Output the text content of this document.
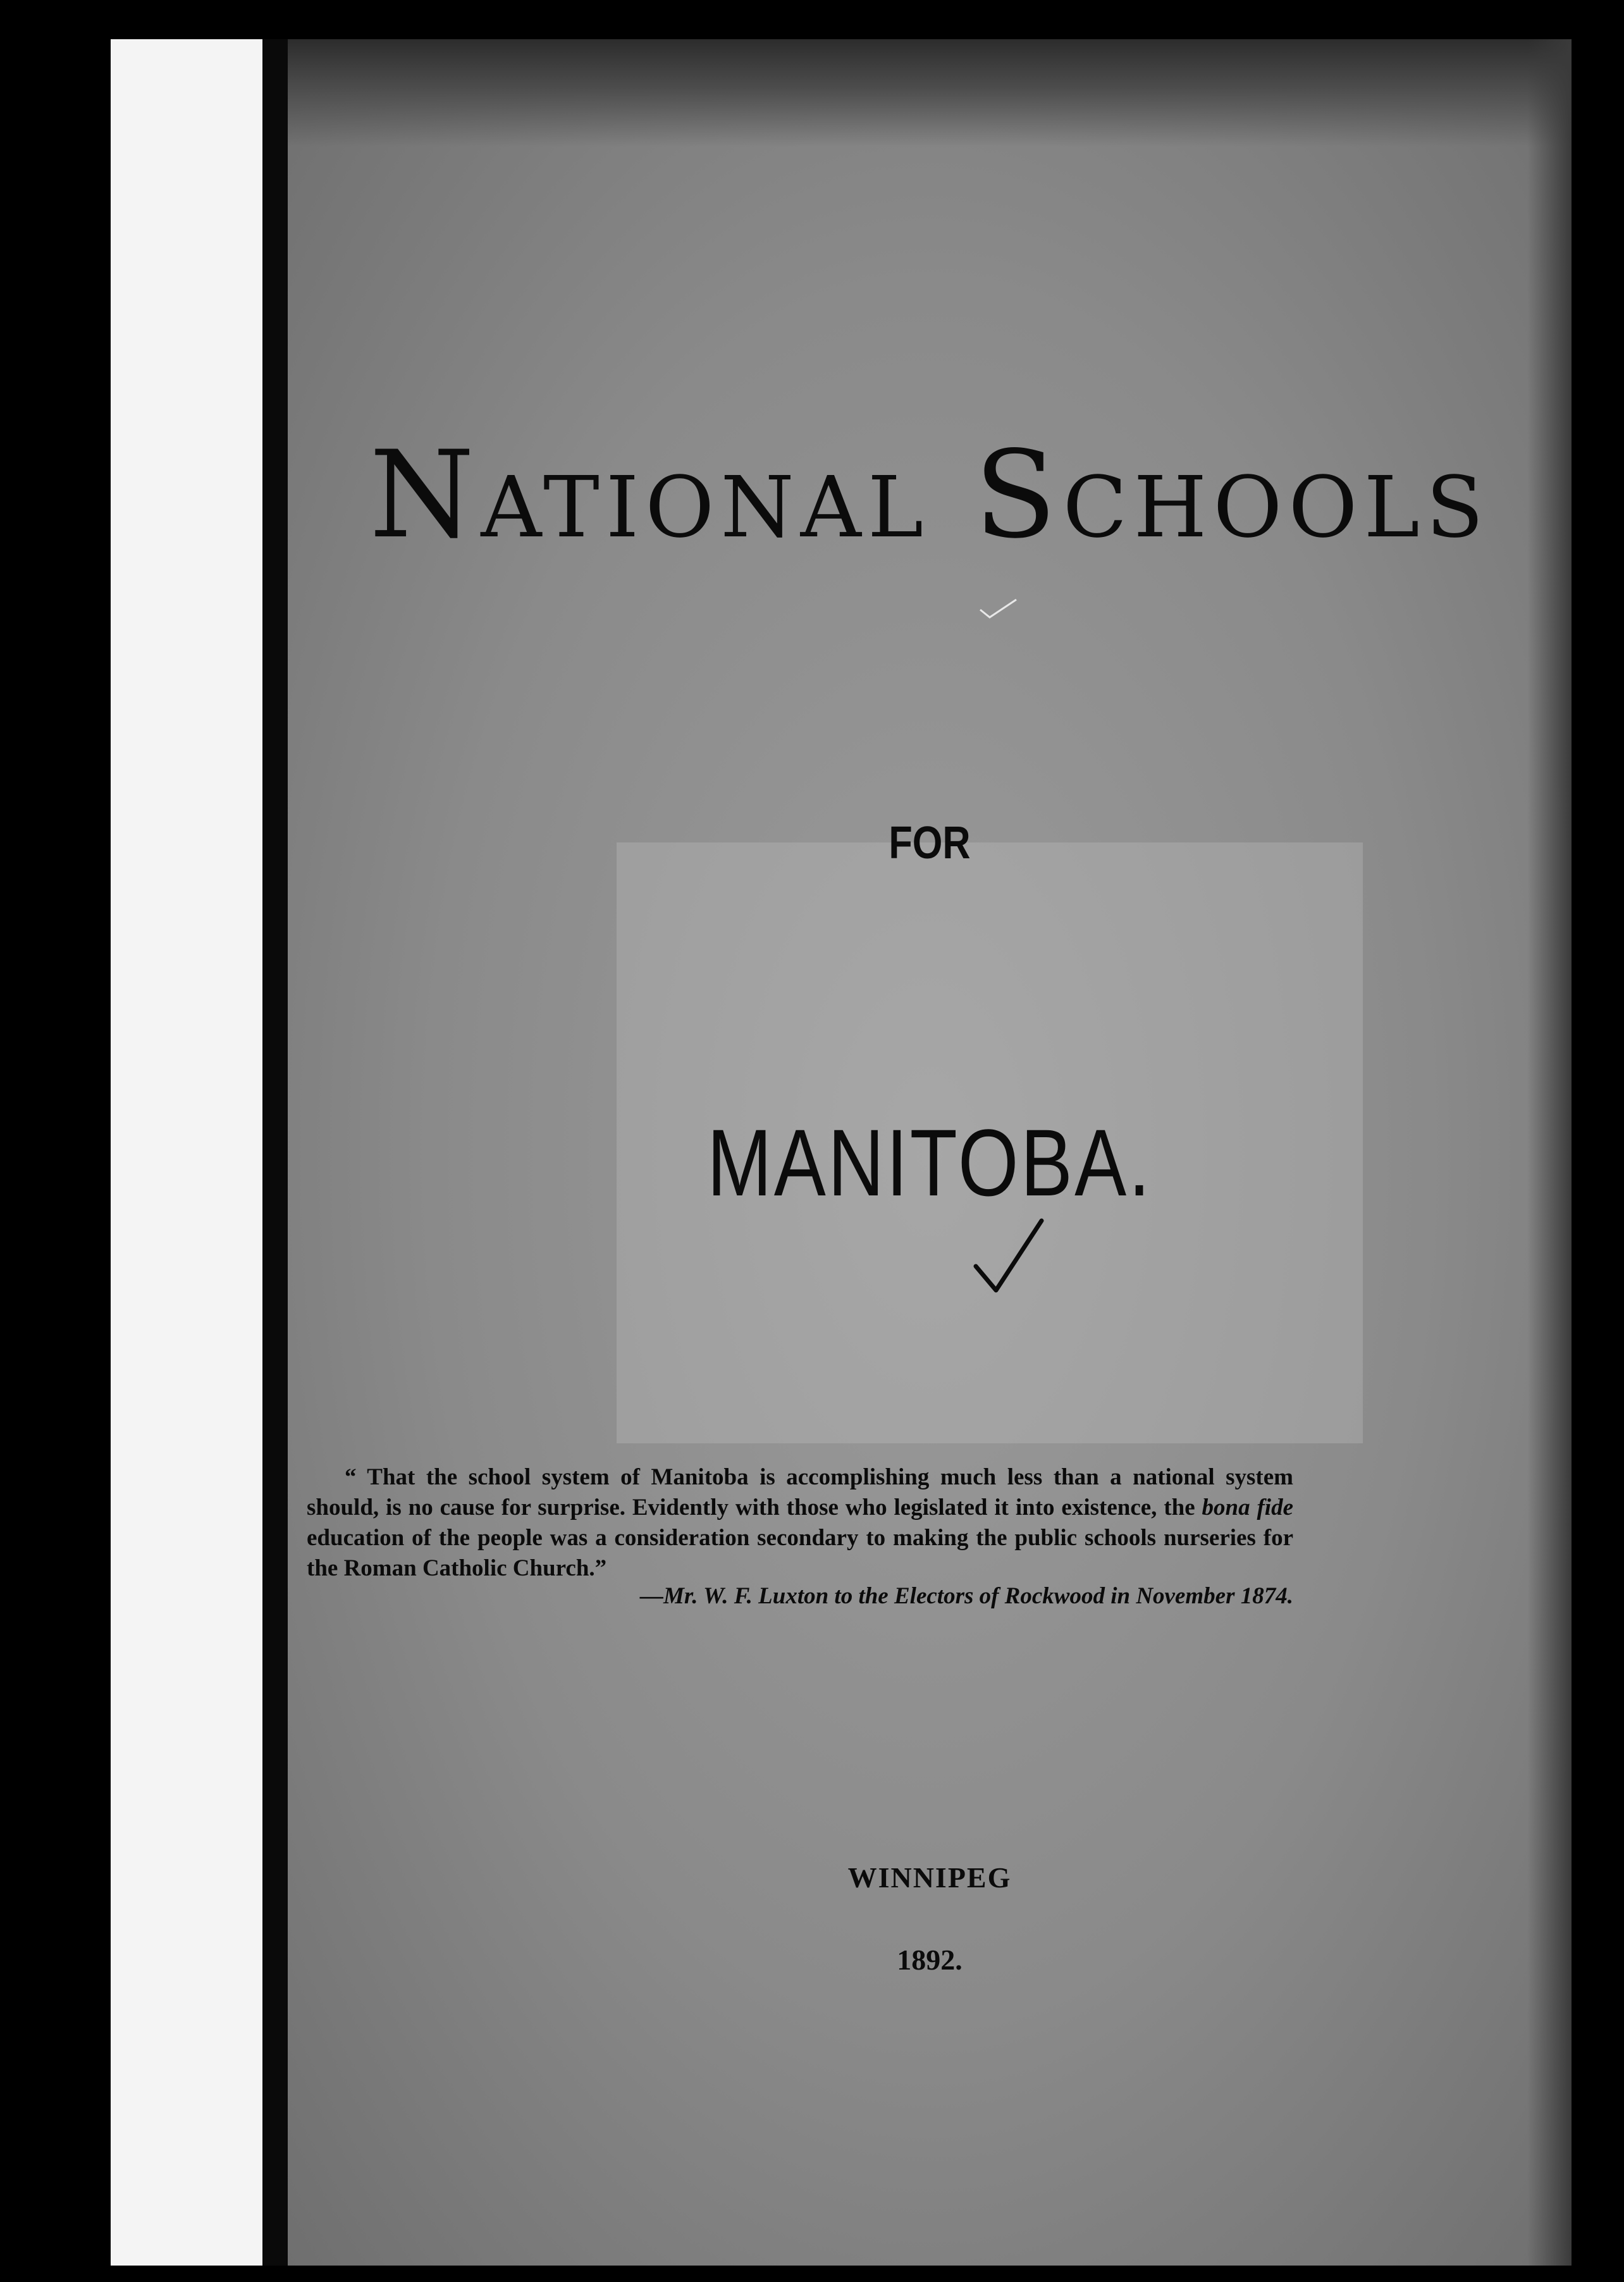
National Schools
FOR
MANITOBA.
“ That the school system of Manitoba is accomplishing much less than a national system should, is no cause for surprise. Evidently with those who legislated it into existence, the bona fide education of the people was a consideration secondary to making the public schools nurseries for the Roman Catholic Church.”
—Mr. W. F. Luxton to the Electors of Rockwood in November 1874.
WINNIPEG
1892.
